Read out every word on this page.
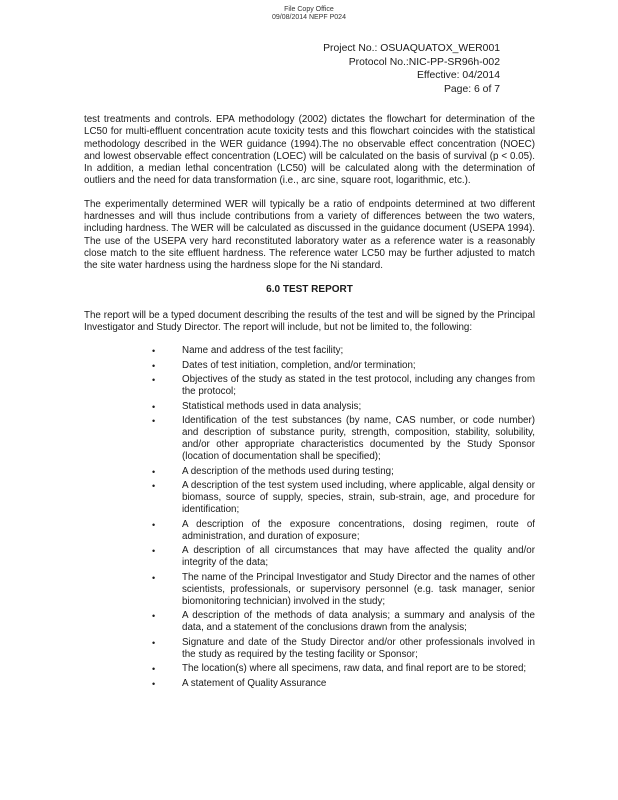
File Copy Office
09/08/2014 NEPF P024
Project No.: OSUAQUATOX_WER001
Protocol No.:NIC-PP-SR96h-002
Effective: 04/2014
Page: 6 of 7

test treatments and controls. EPA methodology (2002) dictates the flowchart for determination of the LC50 for multi-effluent concentration acute toxicity tests and this flowchart coincides with the statistical methodology described in the WER guidance (1994).The no observable effect concentration (NOEC) and lowest observable effect concentration (LOEC) will be calculated on the basis of survival (p < 0.05). In addition, a median lethal concentration (LC50) will be calculated along with the determination of outliers and the need for data transformation (i.e., arc sine, square root, logarithmic, etc.).

The experimentally determined WER will typically be a ratio of endpoints determined at two different hardnesses and will thus include contributions from a variety of differences between the two waters, including hardness. The WER will be calculated as discussed in the guidance document (USEPA 1994). The use of the USEPA very hard reconstituted laboratory water as a reference water is a reasonably close match to the site effluent hardness. The reference water LC50 may be further adjusted to match the site water hardness using the hardness slope for the Ni standard.

6.0 TEST REPORT

The report will be a typed document describing the results of the test and will be signed by the Principal Investigator and Study Director. The report will include, but not be limited to, the following:

•	Name and address of the test facility;
•	Dates of test initiation, completion, and/or termination;
•	Objectives of the study as stated in the test protocol, including any changes from the protocol;
•	Statistical methods used in data analysis;
•	Identification of the test substances (by name, CAS number, or code number) and description of substance purity, strength, composition, stability, solubility, and/or other appropriate characteristics documented by the Study Sponsor (location of documentation shall be specified);
•	A description of the methods used during testing;
•	A description of the test system used including, where applicable, algal density or biomass, source of supply, species, strain, sub-strain, age, and procedure for identification;
•	A description of the exposure concentrations, dosing regimen, route of administration, and duration of exposure;
•	A description of all circumstances that may have affected the quality and/or integrity of the data;
•	The name of the Principal Investigator and Study Director and the names of other scientists, professionals, or supervisory personnel (e.g. task manager, senior biomonitoring technician) involved in the study;
•	A description of the methods of data analysis; a summary and analysis of the data, and a statement of the conclusions drawn from the analysis;
•	Signature and date of the Study Director and/or other professionals involved in the study as required by the testing facility or Sponsor;
•	The location(s) where all specimens, raw data, and final report are to be stored;
•	A statement of Quality Assurance
